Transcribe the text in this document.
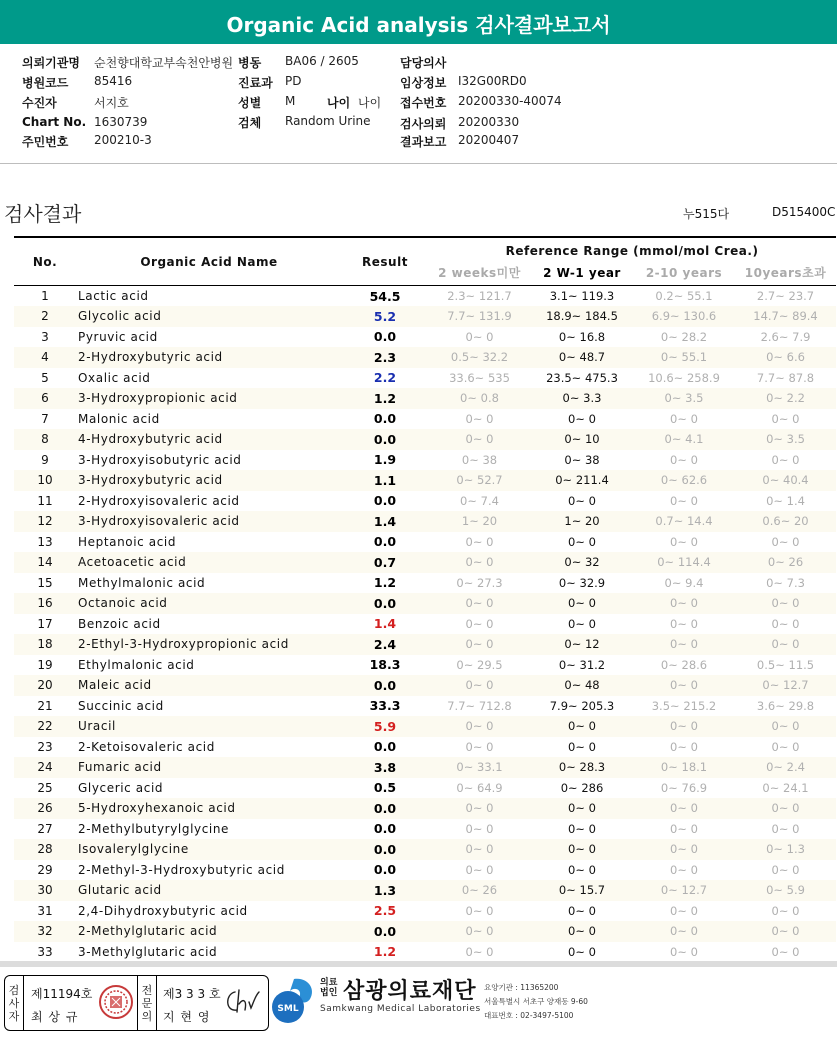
Organic Acid analysis 검사결과보고서
의뢰기관명 순천향대학교부속천안병원 병동 BA06 / 2605	담당의사
병원코드 85416	진료과 PD	임상정보 I32G00RD0
수진자	서지호	성별 M	나이 나이 접수번호 20200330-40074
Chart No. 1630739	검체 Random Urine 검사의뢰 20200330
주민번호 200210-3	결과보고 20200407
검사결과	누515다	D515400C
No.	Organic Acid Name	Result	Reference Range (mmol/mol Crea.)			
			2 weeks미만	2 W-1 year	2-10 years	10years초과
1	Lactic acid	54.5	2.3~ 121.7	3.1~ 119.3	0.2~ 55.1	2.7~ 23.7
2	Glycolic acid	5.2	7.7~ 131.9	18.9~ 184.5	6.9~ 130.6	14.7~ 89.4
3	Pyruvic acid	0.0	0~ 0	0~ 16.8	0~ 28.2	2.6~ 7.9
4	2-Hydroxybutyric acid	2.3	0.5~ 32.2	0~ 48.7	0~ 55.1	0~ 6.6
5	Oxalic acid	2.2	33.6~ 535	23.5~ 475.3	10.6~ 258.9	7.7~ 87.8
6	3-Hydroxypropionic acid	1.2	0~ 0.8	0~ 3.3	0~ 3.5	0~ 2.2
7	Malonic acid	0.0	0~ 0	0~ 0	0~ 0	0~ 0
8	4-Hydroxybutyric acid	0.0	0~ 0	0~ 10	0~ 4.1	0~ 3.5
9	3-Hydroxyisobutyric acid	1.9	0~ 38	0~ 38	0~ 0	0~ 0
10	3-Hydroxybutyric acid	1.1	0~ 52.7	0~ 211.4	0~ 62.6	0~ 40.4
11	2-Hydroxyisovaleric acid	0.0	0~ 7.4	0~ 0	0~ 0	0~ 1.4
12	3-Hydroxyisovaleric acid	1.4	1~ 20	1~ 20	0.7~ 14.4	0.6~ 20
13	Heptanoic acid	0.0	0~ 0	0~ 0	0~ 0	0~ 0
14	Acetoacetic acid	0.7	0~ 0	0~ 32	0~ 114.4	0~ 26
15	Methylmalonic acid	1.2	0~ 27.3	0~ 32.9	0~ 9.4	0~ 7.3
16	Octanoic acid	0.0	0~ 0	0~ 0	0~ 0	0~ 0
17	Benzoic acid	1.4	0~ 0	0~ 0	0~ 0	0~ 0
18	2-Ethyl-3-Hydroxypropionic acid	2.4	0~ 0	0~ 12	0~ 0	0~ 0
19	Ethylmalonic acid	18.3	0~ 29.5	0~ 31.2	0~ 28.6	0.5~ 11.5
20	Maleic acid	0.0	0~ 0	0~ 48	0~ 0	0~ 12.7
21	Succinic acid	33.3	7.7~ 712.8	7.9~ 205.3	3.5~ 215.2	3.6~ 29.8
22	Uracil	5.9	0~ 0	0~ 0	0~ 0	0~ 0
23	2-Ketoisovaleric acid	0.0	0~ 0	0~ 0	0~ 0	0~ 0
24	Fumaric acid	3.8	0~ 33.1	0~ 28.3	0~ 18.1	0~ 2.4
25	Glyceric acid	0.5	0~ 64.9	0~ 286	0~ 76.9	0~ 24.1
26	5-Hydroxyhexanoic acid	0.0	0~ 0	0~ 0	0~ 0	0~ 0
27	2-Methylbutyrylglycine	0.0	0~ 0	0~ 0	0~ 0	0~ 0
28	Isovalerylglycine	0.0	0~ 0	0~ 0	0~ 0	0~ 1.3
29	2-Methyl-3-Hydroxybutyric acid	0.0	0~ 0	0~ 0	0~ 0	0~ 0
30	Glutaric acid	1.3	0~ 26	0~ 15.7	0~ 12.7	0~ 5.9
31	2,4-Dihydroxybutyric acid	2.5	0~ 0	0~ 0	0~ 0	0~ 0
32	2-Methylglutaric acid	0.0	0~ 0	0~ 0	0~ 0	0~ 0
33	3-Methylglutaric acid	1.2	0~ 0	0~ 0	0~ 0	0~ 0
검사자
제11194호
최 상 규
전문의
제3 3 3 호
지 현 영
SML
의료
법인 삼광의료재단
Samkwang Medical Laboratories
요양기관 : 11365200
서울특별시 서초구 양재동 9-60
대표번호 : 02-3497-5100
